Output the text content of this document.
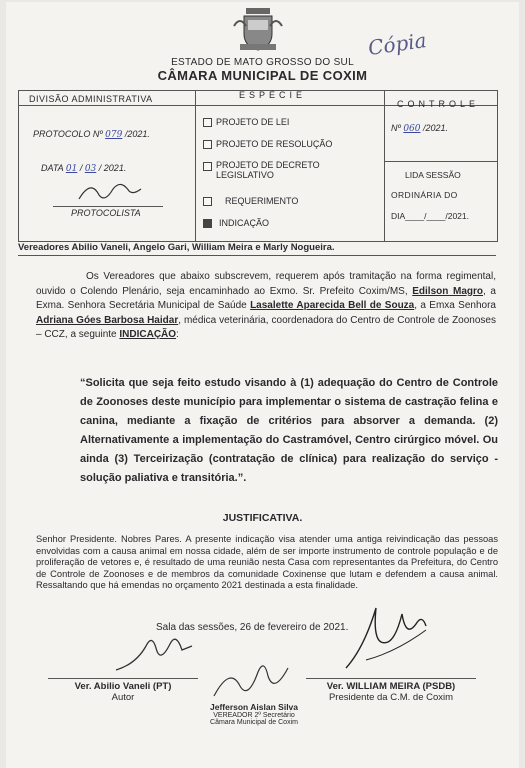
Cópia
ESTADO DE MATO GROSSO DO SUL
CÂMARA MUNICIPAL DE COXIM
DIVISÃO ADMINISTRATIVA	ESPÉCIE
CONTROLE
PROTOCOLO Nº 079 /2021.
DATA 01 / 03 / 2021.
PROTOCOLISTA
PROJETO DE LEI
PROJETO DE RESOLUÇÃO
PROJETO DE DECRETO LEGISLATIVO
REQUERIMENTO
INDICAÇÃO
Nº 060 /2021.
LIDA SESSÃO
ORDINÁRIA DO
DIA____/____/2021.
Vereadores Abilio Vaneli, Angelo Gari, William Meira e Marly Nogueira.
Os Vereadores que abaixo subscrevem, requerem após tramitação na forma regimental, ouvido o Colendo Plenário, seja encaminhado ao Exmo. Sr. Prefeito Coxim/MS, Edilson Magro, a Exma. Senhora Secretária Municipal de Saúde Lasalette Aparecida Bell de Souza, a Emxa Senhora Adriana Góes Barbosa Haidar, médica veterinária, coordenadora do Centro de Controle de Zoonoses – CCZ, a seguinte INDICAÇÃO:
“Solicita que seja feito estudo visando à (1) adequação do Centro de Controle de Zoonoses deste município para implementar o sistema de castração felina e canina, mediante a fixação de critérios para absorver a demanda. (2) Alternativamente a implementação do Castramóvel, Centro cirúrgico móvel. Ou ainda (3) Terceirização (contratação de clínica) para realização do serviço - solução paliativa e transitória.”.
JUSTIFICATIVA.
Senhor Presidente. Nobres Pares. A presente indicação visa atender uma antiga reivindicação das pessoas envolvidas com a causa animal em nossa cidade, além de ser importe instrumento de controle população e de proliferação de vetores e, é resultado de uma reunião nesta Casa com representantes da Prefeitura, do Centro de Controle de Zoonoses e de membros da comunidade Coxinense que lutam e defendem a causa animal. Ressaltando que há emendas no orçamento 2021 destinada a esta finalidade.
Sala das sessões, 26 de fevereiro de 2021.
Ver. Abilio Vaneli (PT)
Autor
Ver. WILLIAM MEIRA (PSDB)
Presidente da C.M. de Coxim
Jefferson Aislan Silva
VEREADOR 2º Secretário
Câmara Municipal de Coxim
